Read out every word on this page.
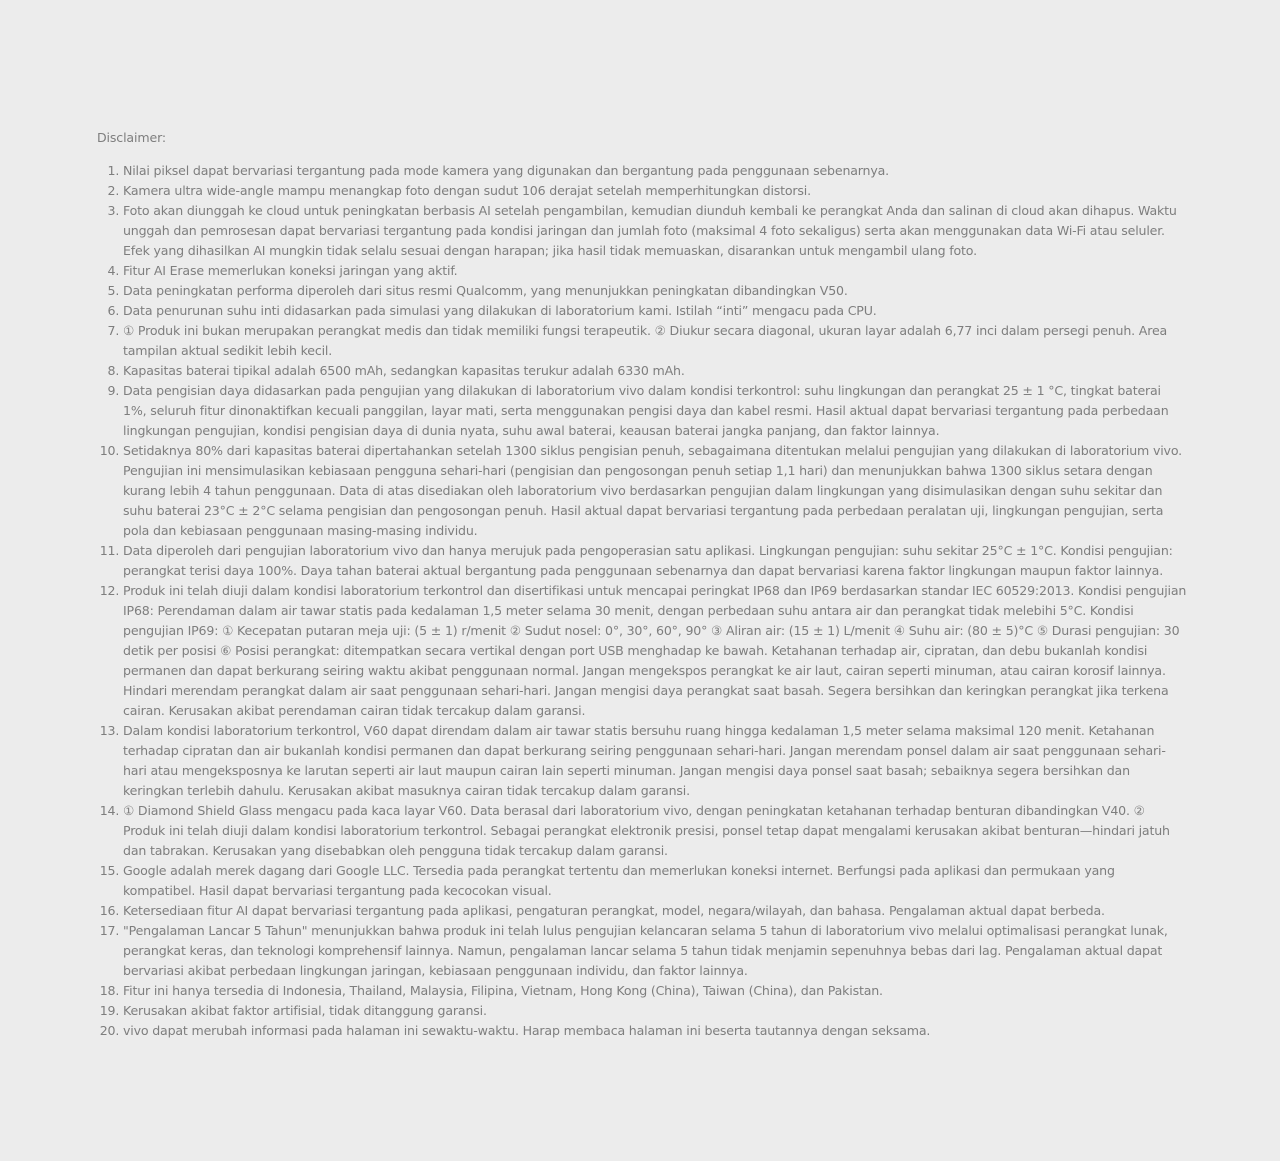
Disclaimer:
1. Nilai piksel dapat bervariasi tergantung pada mode kamera yang digunakan dan bergantung pada penggunaan sebenarnya.
2. Kamera ultra wide-angle mampu menangkap foto dengan sudut 106 derajat setelah memperhitungkan distorsi.
3. Foto akan diunggah ke cloud untuk peningkatan berbasis AI setelah pengambilan, kemudian diunduh kembali ke perangkat Anda dan salinan di cloud akan dihapus. Waktu unggah dan pemrosesan dapat bervariasi tergantung pada kondisi jaringan dan jumlah foto (maksimal 4 foto sekaligus) serta akan menggunakan data Wi-Fi atau seluler. Efek yang dihasilkan AI mungkin tidak selalu sesuai dengan harapan; jika hasil tidak memuaskan, disarankan untuk mengambil ulang foto.
4. Fitur AI Erase memerlukan koneksi jaringan yang aktif.
5. Data peningkatan performa diperoleh dari situs resmi Qualcomm, yang menunjukkan peningkatan dibandingkan V50.
6. Data penurunan suhu inti didasarkan pada simulasi yang dilakukan di laboratorium kami. Istilah “inti” mengacu pada CPU.
7. ① Produk ini bukan merupakan perangkat medis dan tidak memiliki fungsi terapeutik. ② Diukur secara diagonal, ukuran layar adalah 6,77 inci dalam persegi penuh. Area tampilan aktual sedikit lebih kecil.
8. Kapasitas baterai tipikal adalah 6500 mAh, sedangkan kapasitas terukur adalah 6330 mAh.
9. Data pengisian daya didasarkan pada pengujian yang dilakukan di laboratorium vivo dalam kondisi terkontrol: suhu lingkungan dan perangkat 25 ± 1 °C, tingkat baterai 1%, seluruh fitur dinonaktifkan kecuali panggilan, layar mati, serta menggunakan pengisi daya dan kabel resmi. Hasil aktual dapat bervariasi tergantung pada perbedaan lingkungan pengujian, kondisi pengisian daya di dunia nyata, suhu awal baterai, keausan baterai jangka panjang, dan faktor lainnya.
10. Setidaknya 80% dari kapasitas baterai dipertahankan setelah 1300 siklus pengisian penuh, sebagaimana ditentukan melalui pengujian yang dilakukan di laboratorium vivo. Pengujian ini mensimulasikan kebiasaan pengguna sehari-hari (pengisian dan pengosongan penuh setiap 1,1 hari) dan menunjukkan bahwa 1300 siklus setara dengan kurang lebih 4 tahun penggunaan. Data di atas disediakan oleh laboratorium vivo berdasarkan pengujian dalam lingkungan yang disimulasikan dengan suhu sekitar dan suhu baterai 23°C ± 2°C selama pengisian dan pengosongan penuh. Hasil aktual dapat bervariasi tergantung pada perbedaan peralatan uji, lingkungan pengujian, serta pola dan kebiasaan penggunaan masing-masing individu.
11. Data diperoleh dari pengujian laboratorium vivo dan hanya merujuk pada pengoperasian satu aplikasi. Lingkungan pengujian: suhu sekitar 25°C ± 1°C. Kondisi pengujian: perangkat terisi daya 100%. Daya tahan baterai aktual bergantung pada penggunaan sebenarnya dan dapat bervariasi karena faktor lingkungan maupun faktor lainnya.
12. Produk ini telah diuji dalam kondisi laboratorium terkontrol dan disertifikasi untuk mencapai peringkat IP68 dan IP69 berdasarkan standar IEC 60529:2013. Kondisi pengujian IP68: Perendaman dalam air tawar statis pada kedalaman 1,5 meter selama 30 menit, dengan perbedaan suhu antara air dan perangkat tidak melebihi 5°C. Kondisi pengujian IP69: ① Kecepatan putaran meja uji: (5 ± 1) r/menit ② Sudut nosel: 0°, 30°, 60°, 90° ③ Aliran air: (15 ± 1) L/menit ④ Suhu air: (80 ± 5)°C ⑤ Durasi pengujian: 30 detik per posisi ⑥ Posisi perangkat: ditempatkan secara vertikal dengan port USB menghadap ke bawah. Ketahanan terhadap air, cipratan, dan debu bukanlah kondisi permanen dan dapat berkurang seiring waktu akibat penggunaan normal. Jangan mengekspos perangkat ke air laut, cairan seperti minuman, atau cairan korosif lainnya. Hindari merendam perangkat dalam air saat penggunaan sehari-hari. Jangan mengisi daya perangkat saat basah. Segera bersihkan dan keringkan perangkat jika terkena cairan. Kerusakan akibat perendaman cairan tidak tercakup dalam garansi.
13. Dalam kondisi laboratorium terkontrol, V60 dapat direndam dalam air tawar statis bersuhu ruang hingga kedalaman 1,5 meter selama maksimal 120 menit. Ketahanan terhadap cipratan dan air bukanlah kondisi permanen dan dapat berkurang seiring penggunaan sehari-hari. Jangan merendam ponsel dalam air saat penggunaan sehari-hari atau mengeksposnya ke larutan seperti air laut maupun cairan lain seperti minuman. Jangan mengisi daya ponsel saat basah; sebaiknya segera bersihkan dan keringkan terlebih dahulu. Kerusakan akibat masuknya cairan tidak tercakup dalam garansi.
14. ① Diamond Shield Glass mengacu pada kaca layar V60. Data berasal dari laboratorium vivo, dengan peningkatan ketahanan terhadap benturan dibandingkan V40. ② Produk ini telah diuji dalam kondisi laboratorium terkontrol. Sebagai perangkat elektronik presisi, ponsel tetap dapat mengalami kerusakan akibat benturan—hindari jatuh dan tabrakan. Kerusakan yang disebabkan oleh pengguna tidak tercakup dalam garansi.
15. Google adalah merek dagang dari Google LLC. Tersedia pada perangkat tertentu dan memerlukan koneksi internet. Berfungsi pada aplikasi dan permukaan yang kompatibel. Hasil dapat bervariasi tergantung pada kecocokan visual.
16. Ketersediaan fitur AI dapat bervariasi tergantung pada aplikasi, pengaturan perangkat, model, negara/wilayah, dan bahasa. Pengalaman aktual dapat berbeda.
17. "Pengalaman Lancar 5 Tahun" menunjukkan bahwa produk ini telah lulus pengujian kelancaran selama 5 tahun di laboratorium vivo melalui optimalisasi perangkat lunak, perangkat keras, dan teknologi komprehensif lainnya. Namun, pengalaman lancar selama 5 tahun tidak menjamin sepenuhnya bebas dari lag. Pengalaman aktual dapat bervariasi akibat perbedaan lingkungan jaringan, kebiasaan penggunaan individu, dan faktor lainnya.
18. Fitur ini hanya tersedia di Indonesia, Thailand, Malaysia, Filipina, Vietnam, Hong Kong (China), Taiwan (China), dan Pakistan.
19. Kerusakan akibat faktor artifisial, tidak ditanggung garansi.
20. vivo dapat merubah informasi pada halaman ini sewaktu-waktu. Harap membaca halaman ini beserta tautannya dengan seksama.
